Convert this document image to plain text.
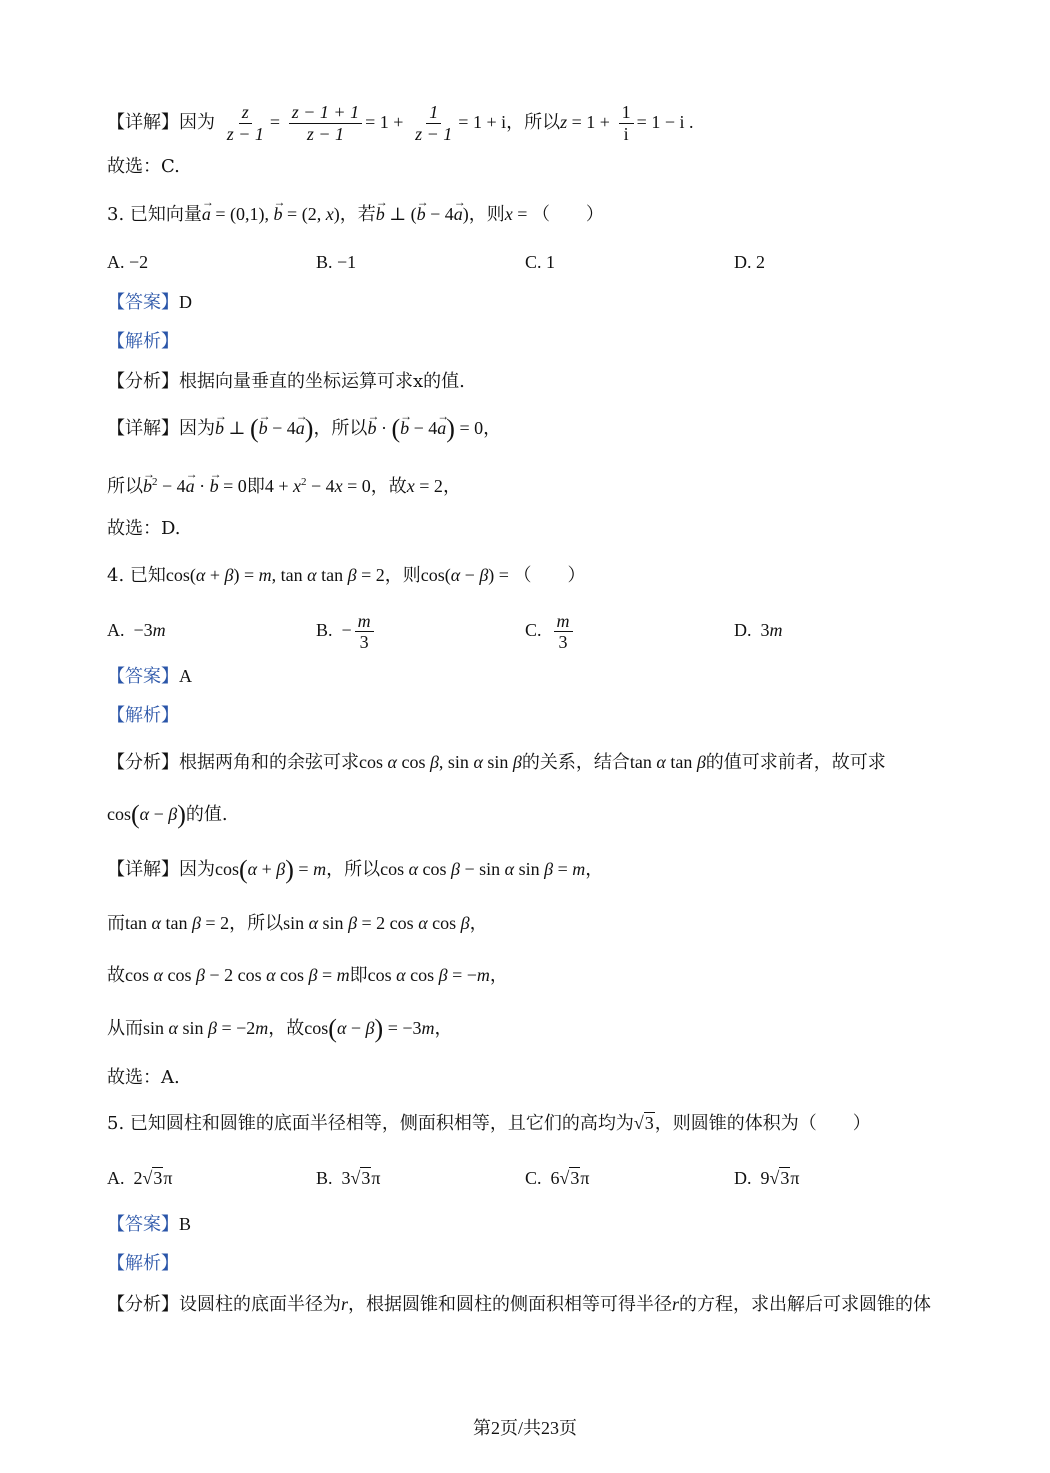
【详解】因为 $\frac{z}{z - 1} = \frac{z - 1 + 1}{z - 1} = 1 + \frac{1}{z - 1} = 1 + i$，所以$z = 1 + \frac{1}{i} = 1 - i$ .
故选：C.
3. 已知向量→ a = (0,1), → b = (2, x)，若→ b ⊥ (→ b − 4→ a)，则x = （　　）
A. −2	B. −1	C. 1	D. 2
【答案】D
【解析】
【分析】根据向量垂直的坐标运算可求x的值.
【详解】因为→ b ⊥ (→ b − 4→ a)，所以→ b · (→ b − 4→ a) = 0，
所以→ $b^2 - 4\to a$ · → b = 0即$4 + x^2 - 4x = 0$，故x = 2，
故选：D.
4. 已知cos(α + β) = m, tan α tan β = 2，则cos(α − β) = （　　）
A.  −3m	B.  − $\frac{m}{3}$	C. $\frac{m}{3}$	D.  3m
【答案】A
【解析】
【分析】根据两角和的余弦可求cos α cos β, sin α sin β的关系，结合tan α tan β的值可求前者，故可求
cos(α − β)的值.
【详解】因为cos(α + β) = m，所以cos α cos β − sin α sin β = m，
而tan α tan β = 2，所以sin α sin β = 2 cos α cos β，
故cos α cos β − 2 cos α cos β = m即cos α cos β = −m，
从而sin α sin β = −2m，故cos(α − β) = −3m，
故选：A.
5. 已知圆柱和圆锥的底面半径相等，侧面积相等，且它们的高均为√3，则圆锥的体积为（　　）
A.  2√3π	B.  3√3π	C.  6√3π	D.  9√3π
【答案】B
【解析】
【分析】设圆柱的底面半径为r，根据圆锥和圆柱的侧面积相等可得半径r的方程，求出解后可求圆锥的体
第2页/共23页
